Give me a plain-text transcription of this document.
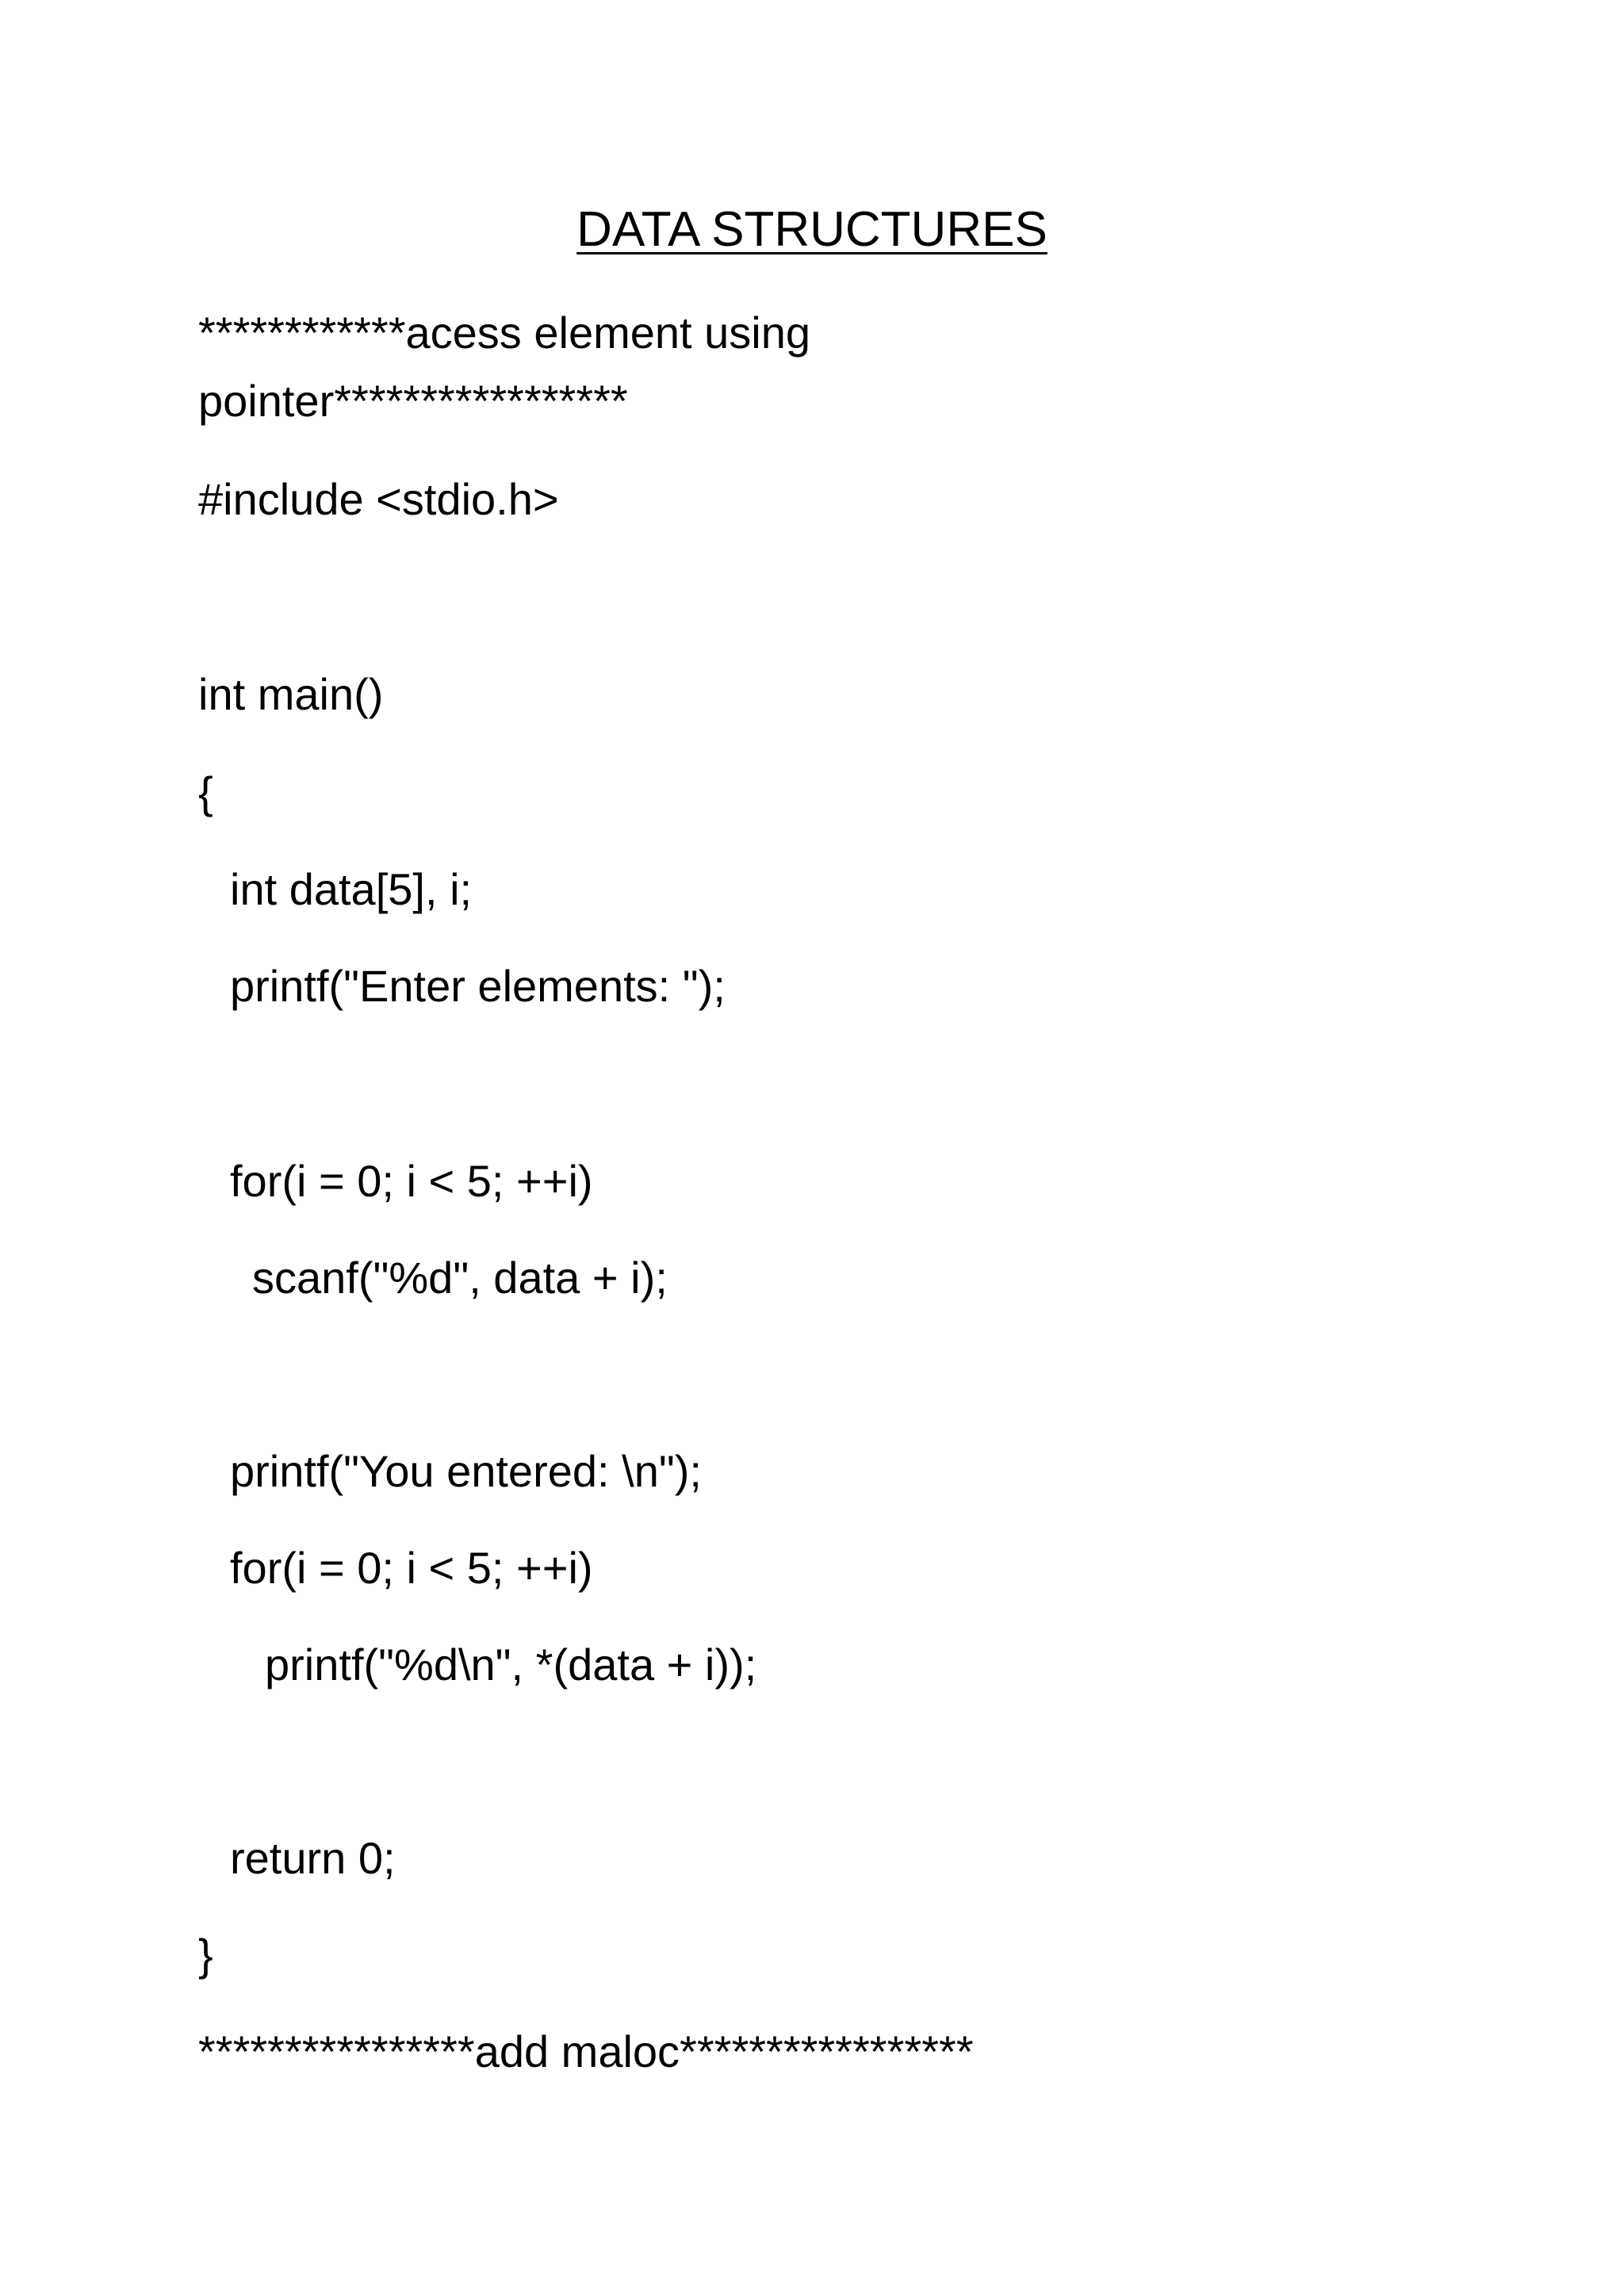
DATA STRUCTURES
************acess element using
pointer*****************
#include <stdio.h>
int main()
{
int data[5], i;
printf("Enter elements: ");
for(i = 0; i < 5; ++i)
scanf("%d", data + i);
printf("You entered: \n");
for(i = 0; i < 5; ++i)
printf("%d\n", *(data + i));
return 0;
}
****************add maloc*****************
